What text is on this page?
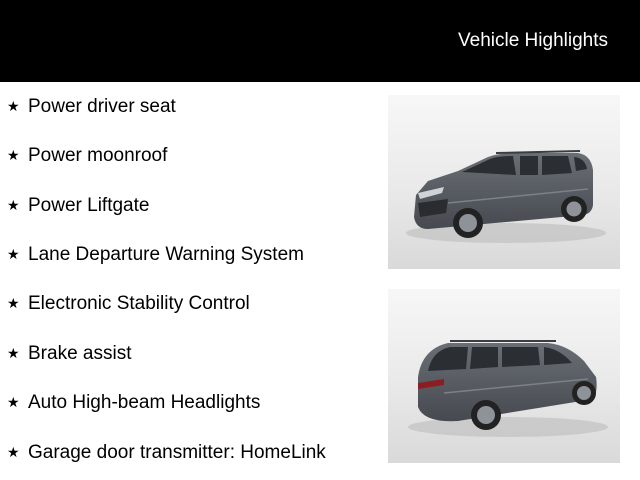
Vehicle Highlights
★ Power driver seat
★ Power moonroof
★ Power Liftgate
★ Lane Departure Warning System
★ Electronic Stability Control
★ Brake assist
★ Auto High-beam Headlights
★ Garage door transmitter: HomeLink
